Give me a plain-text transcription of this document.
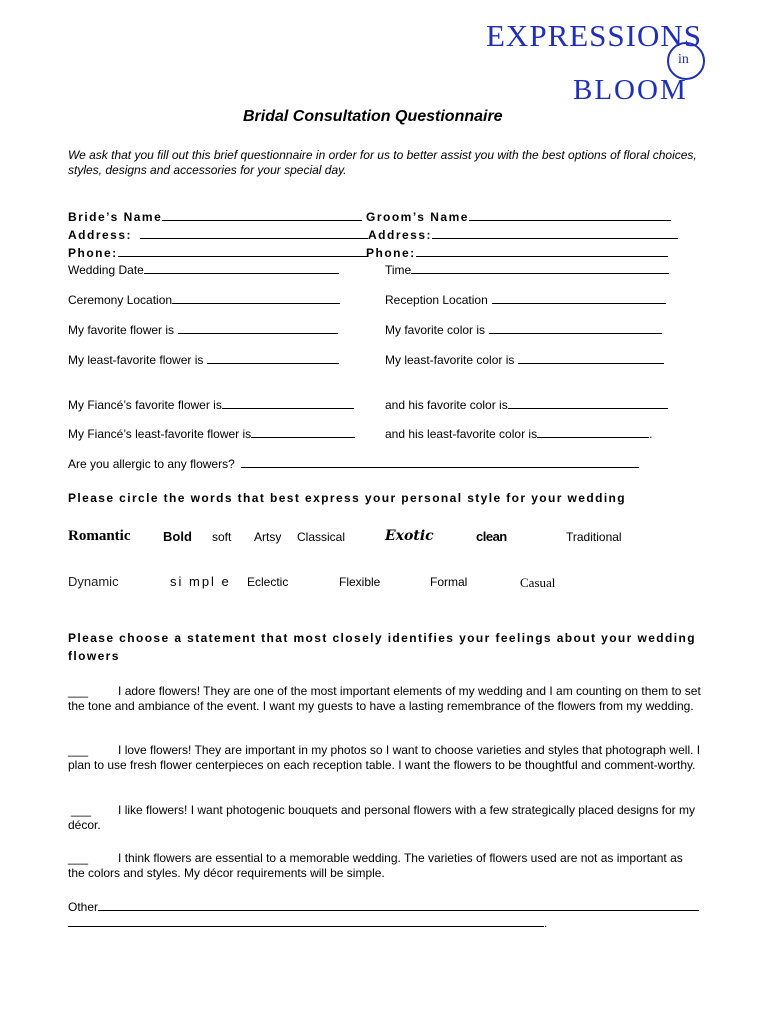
EXPRESSIONS
in
BLOOM
Bridal Consultation Questionnaire
We ask that you fill out this brief questionnaire in order for us to better assist you with the best options of floral choices, styles, designs and accessories for your special day.
Bride’s Name	Groom’s Name
Address:	Address:
Phone:	Phone:
Wedding Date	Time
Ceremony Location	Reception Location
My favorite flower is	My favorite color is
My least-favorite flower is	My least-favorite color is
My Fiancé’s favorite flower is	and his favorite color is
My Fiancé’s least-favorite flower is	and his least-favorite color is	.
Are you allergic to any flowers?
Please circle the words that best express your personal style for your wedding
Romantic	Bold soft Artsy Classical	Exotic	clean	Traditional
Dynamic	si mpl e Eclectic	Flexible	Formal	Casual
Please choose a statement that most closely identifies your feelings about your wedding
flowers
___	I adore flowers! They are one of the most important elements of my wedding and I am counting on them to set the tone and ambiance of the event. I want my guests to have a lasting remembrance of the flowers from my wedding.
___	I love flowers! They are important in my photos so I want to choose varieties and styles that photograph well. I plan to use fresh flower centerpieces on each reception table. I want the flowers to be thoughtful and comment-worthy.
___ I like flowers! I want photogenic bouquets and personal flowers with a few strategically placed designs for my décor.
___	I think flowers are essential to a memorable wedding. The varieties of flowers used are not as important as the colors and styles. My décor requirements will be simple.
Other
.
